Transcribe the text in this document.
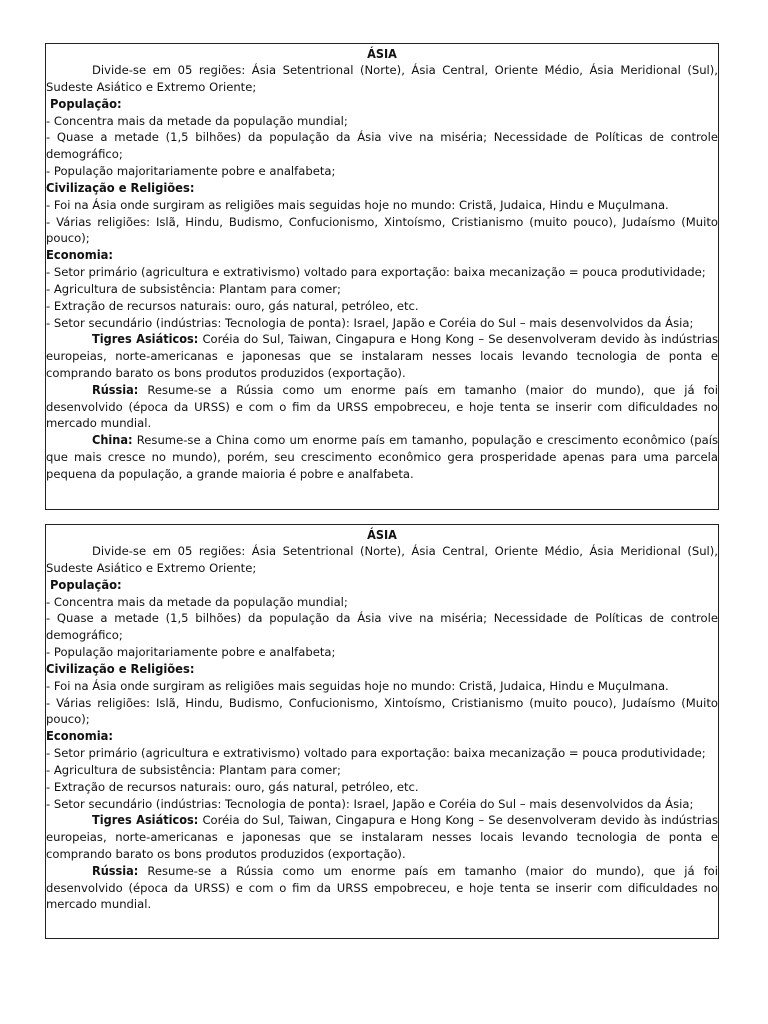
ÁSIA

Divide-se em 05 regiões: Ásia Setentrional (Norte), Ásia Central, Oriente Médio, Ásia Meridional (Sul), Sudeste Asiático e Extremo Oriente;

População:

- Concentra mais da metade da população mundial;

- Quase a metade (1,5 bilhões) da população da Ásia vive na miséria; Necessidade de Políticas de controle demográfico;

- População majoritariamente pobre e analfabeta;

Civilização e Religiões:

- Foi na Ásia onde surgiram as religiões mais seguidas hoje no mundo: Cristã, Judaica, Hindu e Muçulmana.

- Várias religiões: Islã, Hindu, Budismo, Confucionismo, Xintoísmo, Cristianismo (muito pouco), Judaísmo (Muito pouco);

Economia:

- Setor primário (agricultura e extrativismo) voltado para exportação: baixa mecanização = pouca produtividade;

- Agricultura de subsistência: Plantam para comer;

- Extração de recursos naturais: ouro, gás natural, petróleo, etc.

- Setor secundário (indústrias: Tecnologia de ponta): Israel, Japão e Coréia do Sul – mais desenvolvidos da Ásia;

Tigres Asiáticos: Coréia do Sul, Taiwan, Cingapura e Hong Kong – Se desenvolveram devido às indústrias europeias, norte-americanas e japonesas que se instalaram nesses locais levando tecnologia de ponta e comprando barato os bons produtos produzidos (exportação).

Rússia: Resume-se a Rússia como um enorme país em tamanho (maior do mundo), que já foi desenvolvido (época da URSS) e com o fim da URSS empobreceu, e hoje tenta se inserir com dificuldades no mercado mundial.

China: Resume-se a China como um enorme país em tamanho, população e crescimento econômico (país que mais cresce no mundo), porém, seu crescimento econômico gera prosperidade apenas para uma parcela pequena da população, a grande maioria é pobre e analfabeta.

ÁSIA

Divide-se em 05 regiões: Ásia Setentrional (Norte), Ásia Central, Oriente Médio, Ásia Meridional (Sul), Sudeste Asiático e Extremo Oriente;

População:

- Concentra mais da metade da população mundial;

- Quase a metade (1,5 bilhões) da população da Ásia vive na miséria; Necessidade de Políticas de controle demográfico;

- População majoritariamente pobre e analfabeta;

Civilização e Religiões:

- Foi na Ásia onde surgiram as religiões mais seguidas hoje no mundo: Cristã, Judaica, Hindu e Muçulmana.

- Várias religiões: Islã, Hindu, Budismo, Confucionismo, Xintoísmo, Cristianismo (muito pouco), Judaísmo (Muito pouco);

Economia:

- Setor primário (agricultura e extrativismo) voltado para exportação: baixa mecanização = pouca produtividade;

- Agricultura de subsistência: Plantam para comer;

- Extração de recursos naturais: ouro, gás natural, petróleo, etc.

- Setor secundário (indústrias: Tecnologia de ponta): Israel, Japão e Coréia do Sul – mais desenvolvidos da Ásia;

Tigres Asiáticos: Coréia do Sul, Taiwan, Cingapura e Hong Kong – Se desenvolveram devido às indústrias europeias, norte-americanas e japonesas que se instalaram nesses locais levando tecnologia de ponta e comprando barato os bons produtos produzidos (exportação).

Rússia: Resume-se a Rússia como um enorme país em tamanho (maior do mundo), que já foi desenvolvido (época da URSS) e com o fim da URSS empobreceu, e hoje tenta se inserir com dificuldades no mercado mundial.
